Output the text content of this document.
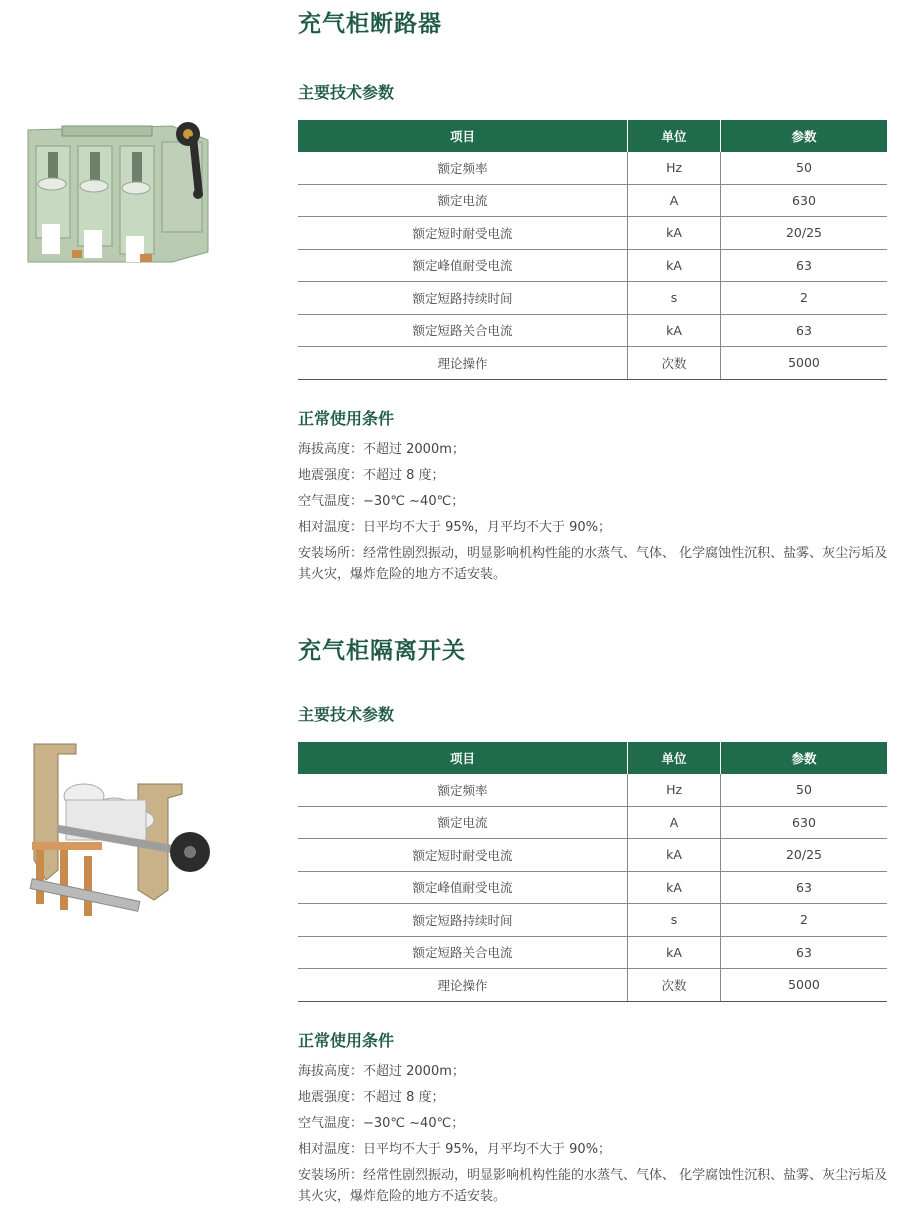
充气柜断路器
主要技术参数
项目	单位	参数
额定频率	Hz	50
额定电流	A	630
额定短时耐受电流	kA	20/25
额定峰值耐受电流	kA	63
额定短路持续时间	s	2
额定短路关合电流	kA	63
理论操作	次数	5000
正常使用条件

海拔高度：不超过 2000m；

地震强度：不超过 8 度；

空气温度：−30℃ ~40℃；

相对温度：日平均不大于 95%，月平均不大于 90%；

安装场所：经常性剧烈振动，明显影响机构性能的水蒸气、气体、 化学腐蚀性沉积、盐雾、灰尘污垢及其火灾，爆炸危险的地方不适安装。

充气柜隔离开关
主要技术参数
项目	单位	参数
额定频率	Hz	50
额定电流	A	630
额定短时耐受电流	kA	20/25
额定峰值耐受电流	kA	63
额定短路持续时间	s	2
额定短路关合电流	kA	63
理论操作	次数	5000
正常使用条件

海拔高度：不超过 2000m；

地震强度：不超过 8 度；

空气温度：−30℃ ~40℃；

相对温度：日平均不大于 95%，月平均不大于 90%；

安装场所：经常性剧烈振动，明显影响机构性能的水蒸气、气体、 化学腐蚀性沉积、盐雾、灰尘污垢及其火灾，爆炸危险的地方不适安装。
